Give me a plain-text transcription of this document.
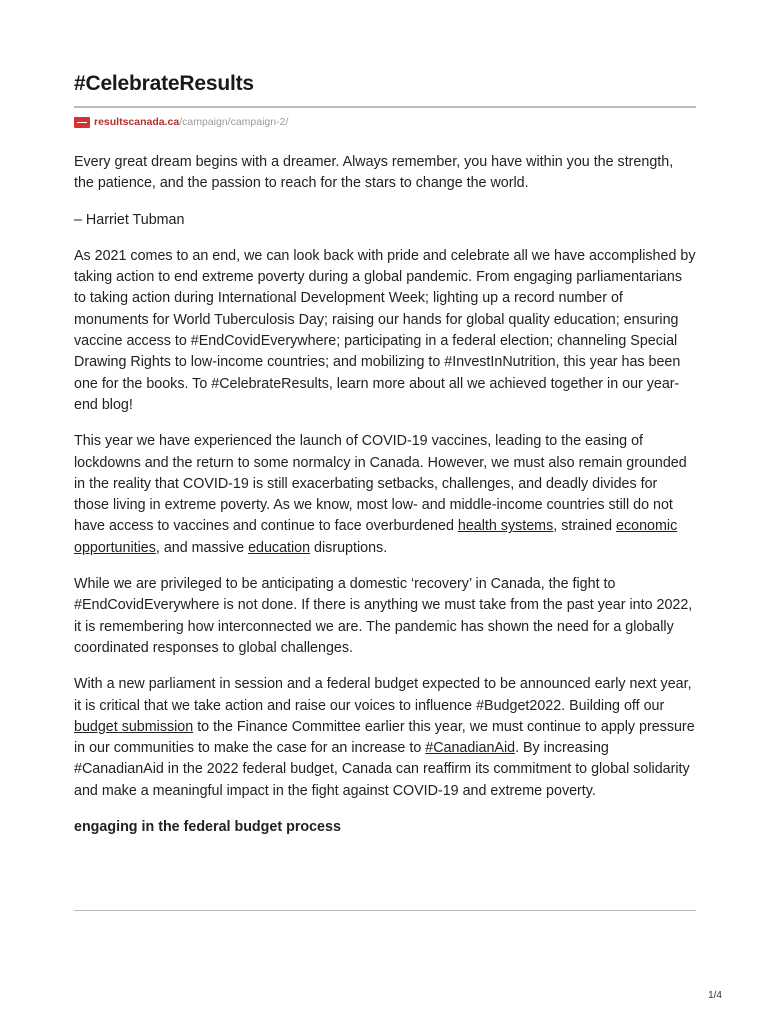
#CelebrateResults
resultscanada.ca /campaign/campaign-2/

Every great dream begins with a dreamer. Always remember, you have within you the strength, the patience, and the passion to reach for the stars to change the world.

– Harriet Tubman

As 2021 comes to an end, we can look back with pride and celebrate all we have accomplished by taking action to end extreme poverty during a global pandemic. From engaging parliamentarians to taking action during International Development Week; lighting up a record number of monuments for World Tuberculosis Day; raising our hands for global quality education; ensuring vaccine access to #EndCovidEverywhere; participating in a federal election; channeling Special Drawing Rights to low-income countries; and mobilizing to #InvestInNutrition, this year has been one for the books. To #CelebrateResults, learn more about all we achieved together in our year-end blog!

This year we have experienced the launch of COVID-19 vaccines, leading to the easing of lockdowns and the return to some normalcy in Canada. However, we must also remain grounded in the reality that COVID-19 is still exacerbating setbacks, challenges, and deadly divides for those living in extreme poverty. As we know, most low- and middle-income countries still do not have access to vaccines and continue to face overburdened health systems, strained economic opportunities, and massive education disruptions.

While we are privileged to be anticipating a domestic ‘recovery’ in Canada, the fight to #EndCovidEverywhere is not done. If there is anything we must take from the past year into 2022, it is remembering how interconnected we are. The pandemic has shown the need for a globally coordinated responses to global challenges.

With a new parliament in session and a federal budget expected to be announced early next year, it is critical that we take action and raise our voices to influence #Budget2022. Building off our budget submission to the Finance Committee earlier this year, we must continue to apply pressure in our communities to make the case for an increase to #CanadianAid. By increasing #CanadianAid in the 2022 federal budget, Canada can reaffirm its commitment to global solidarity and make a meaningful impact in the fight against COVID-19 and extreme poverty.

engaging in the federal budget process

1/4
